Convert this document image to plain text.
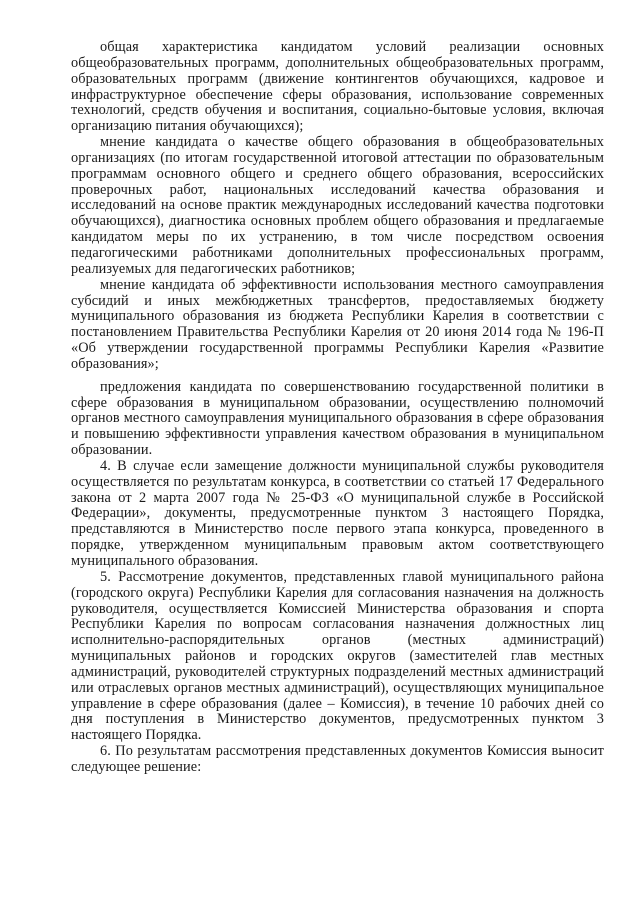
общая характеристика кандидатом условий реализации основных общеобразовательных программ, дополнительных общеобразовательных программ, образовательных программ (движение контингентов обучающихся, кадровое и инфраструктурное обеспечение сферы образования, использование современных технологий, средств обучения и воспитания, социально-бытовые условия, включая организацию питания обучающихся);

мнение кандидата о качестве общего образования в общеобразовательных организациях (по итогам государственной итоговой аттестации по образовательным программам основного общего и среднего общего образования, всероссийских проверочных работ, национальных исследований качества образования и исследований на основе практик международных исследований качества подготовки обучающихся), диагностика основных проблем общего образования и предлагаемые кандидатом меры по их устранению, в том числе посредством освоения педагогическими работниками дополнительных профессиональных программ, реализуемых для педагогических работников;

мнение кандидата об эффективности использования местного самоуправления субсидий и иных межбюджетных трансфертов, предоставляемых бюджету муниципального образования из бюджета Республики Карелия в соответствии с постановлением Правительства Республики Карелия от 20 июня 2014 года № 196-П «Об утверждении государственной программы Республики Карелия «Развитие образования»;

предложения кандидата по совершенствованию государственной политики в сфере образования в муниципальном образовании, осуществлению полномочий органов местного самоуправления муниципального образования в сфере образования и повышению эффективности управления качеством образования в муниципальном образовании.

4. В случае если замещение должности муниципальной службы руководителя осуществляется по результатам конкурса, в соответствии со статьей 17 Федерального закона от 2 марта 2007 года № 25-ФЗ «О муниципальной службе в Российской Федерации», документы, предусмотренные пунктом 3 настоящего Порядка, представляются в Министерство после первого этапа конкурса, проведенного в порядке, утвержденном муниципальным правовым актом соответствующего муниципального образования.

5. Рассмотрение документов, представленных главой муниципального района (городского округа) Республики Карелия для согласования назначения на должность руководителя, осуществляется Комиссией Министерства образования и спорта Республики Карелия по вопросам согласования назначения должностных лиц исполнительно-распорядительных органов (местных администраций) муниципальных районов и городских округов (заместителей глав местных администраций, руководителей структурных подразделений местных администраций или отраслевых органов местных администраций), осуществляющих муниципальное управление в сфере образования (далее – Комиссия), в течение 10 рабочих дней со дня поступления в Министерство документов, предусмотренных пунктом 3 настоящего Порядка.

6. По результатам рассмотрения представленных документов Комиссия выносит следующее решение:
